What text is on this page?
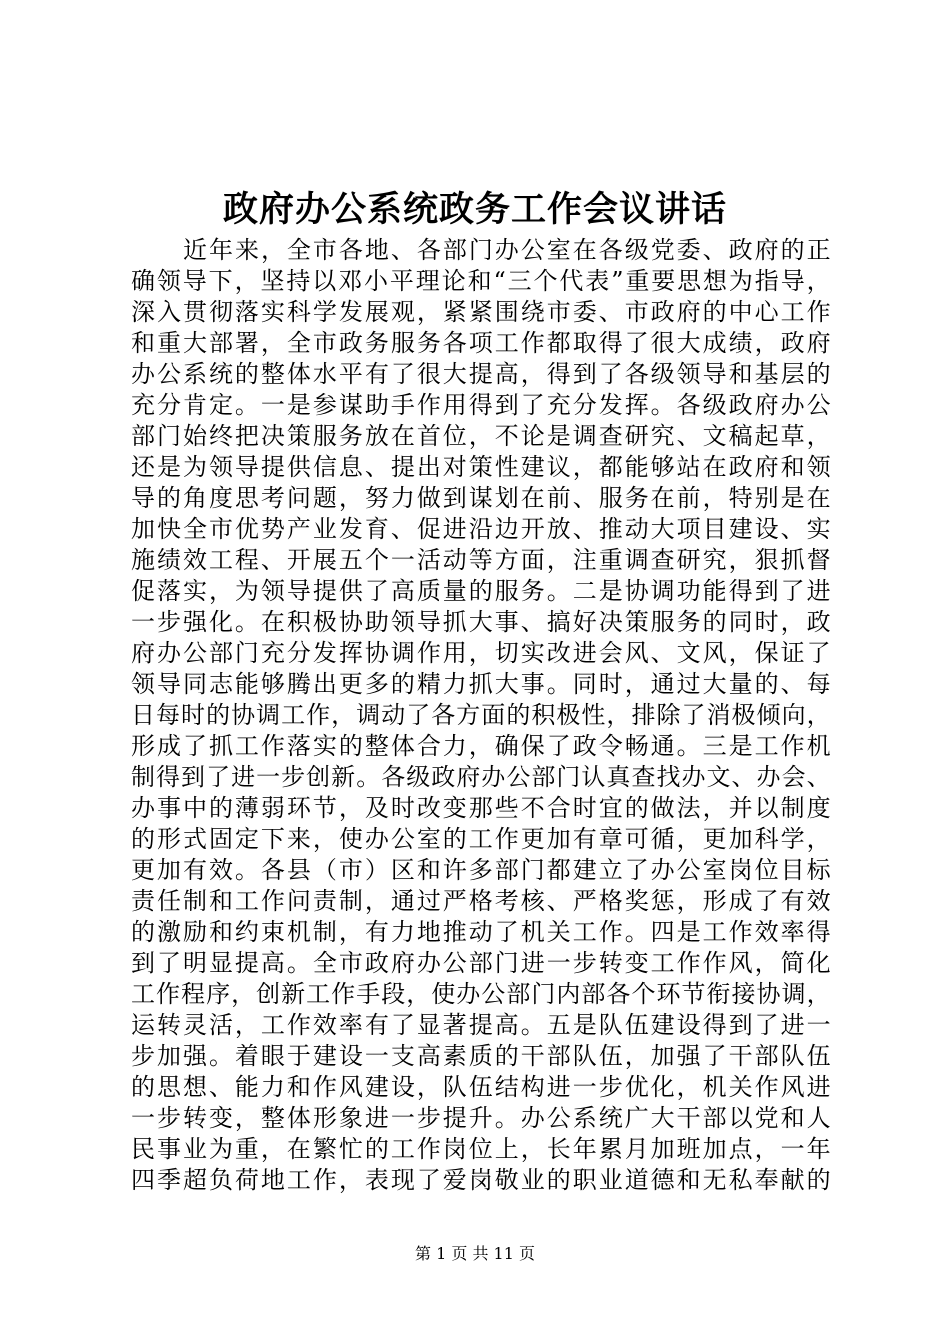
政府办公系统政务工作会议讲话
近年来，全市各地、各部门办公室在各级党委、政府的正
确领导下，坚持以邓小平理论和“三个代表”重要思想为指导，
深入贯彻落实科学发展观，紧紧围绕市委、市政府的中心工作
和重大部署，全市政务服务各项工作都取得了很大成绩，政府
办公系统的整体水平有了很大提高，得到了各级领导和基层的
充分肯定。一是参谋助手作用得到了充分发挥。各级政府办公
部门始终把决策服务放在首位，不论是调查研究、文稿起草，
还是为领导提供信息、提出对策性建议，都能够站在政府和领
导的角度思考问题，努力做到谋划在前、服务在前，特别是在
加快全市优势产业发育、促进沿边开放、推动大项目建设、实
施绩效工程、开展五个一活动等方面，注重调查研究，狠抓督
促落实，为领导提供了高质量的服务。二是协调功能得到了进
一步强化。在积极协助领导抓大事、搞好决策服务的同时，政
府办公部门充分发挥协调作用，切实改进会风、文风，保证了
领导同志能够腾出更多的精力抓大事。同时，通过大量的、每
日每时的协调工作，调动了各方面的积极性，排除了消极倾向，
形成了抓工作落实的整体合力，确保了政令畅通。三是工作机
制得到了进一步创新。各级政府办公部门认真查找办文、办会、
办事中的薄弱环节，及时改变那些不合时宜的做法，并以制度
的形式固定下来，使办公室的工作更加有章可循，更加科学，
更加有效。各县（市）区和许多部门都建立了办公室岗位目标
责任制和工作问责制，通过严格考核、严格奖惩，形成了有效
的激励和约束机制，有力地推动了机关工作。四是工作效率得
到了明显提高。全市政府办公部门进一步转变工作作风，简化
工作程序，创新工作手段，使办公部门内部各个环节衔接协调，
运转灵活，工作效率有了显著提高。五是队伍建设得到了进一
步加强。着眼于建设一支高素质的干部队伍，加强了干部队伍
的思想、能力和作风建设，队伍结构进一步优化，机关作风进
一步转变，整体形象进一步提升。办公系统广大干部以党和人
民事业为重，在繁忙的工作岗位上，长年累月加班加点，一年
四季超负荷地工作，表现了爱岗敬业的职业道德和无私奉献的
第 1 页 共 11 页
